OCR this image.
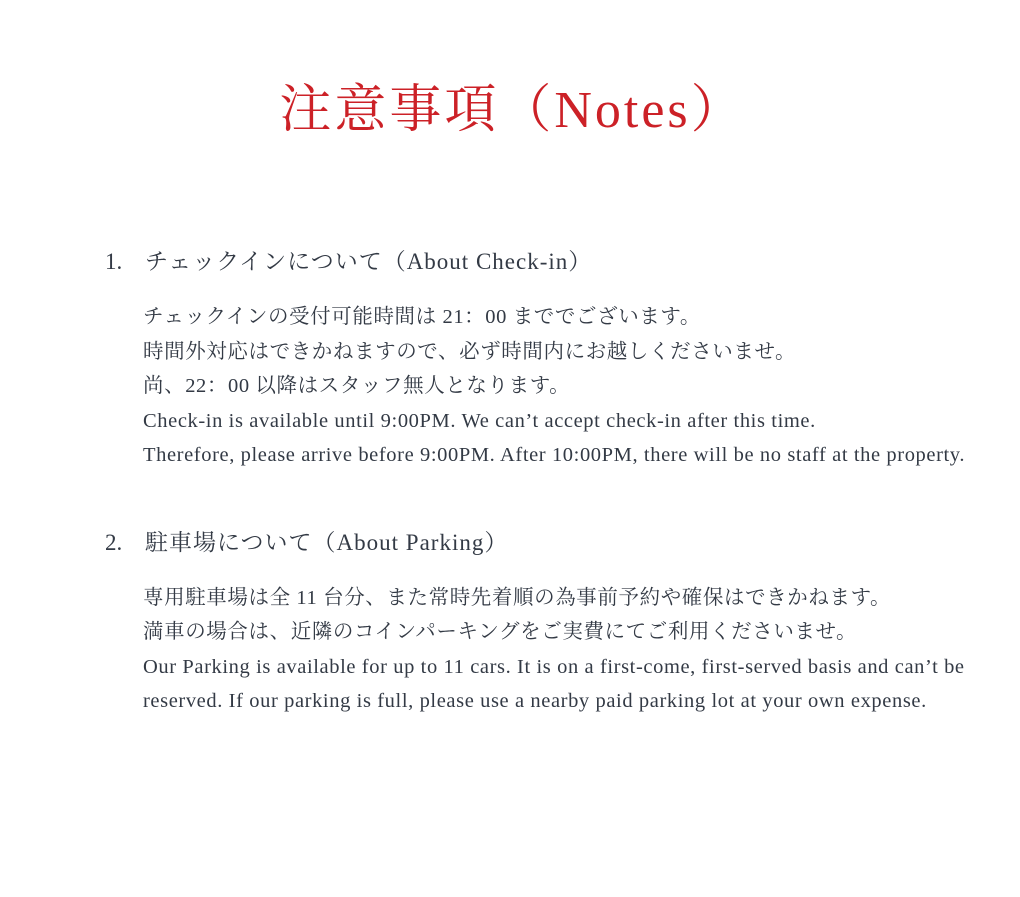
注意事項（Notes）
1. チェックインについて（About Check-in）

チェックインの受付可能時間は 21：00 まででございます。

時間外対応はできかねますので、必ず時間内にお越しくださいませ。

尚、22：00 以降はスタッフ無人となります。

Check-in is available until 9:00PM. We can’t accept check-in after this time.

Therefore, please arrive before 9:00PM. After 10:00PM, there will be no staff at the property.

2. 駐車場について（About Parking）

専用駐車場は全 11 台分、また常時先着順の為事前予約や確保はできかねます。

満車の場合は、近隣のコインパーキングをご実費にてご利用くださいませ。

Our Parking is available for up to 11 cars. It is on a first-come, first-served basis and can’t be

reserved. If our parking is full, please use a nearby paid parking lot at your own expense.
